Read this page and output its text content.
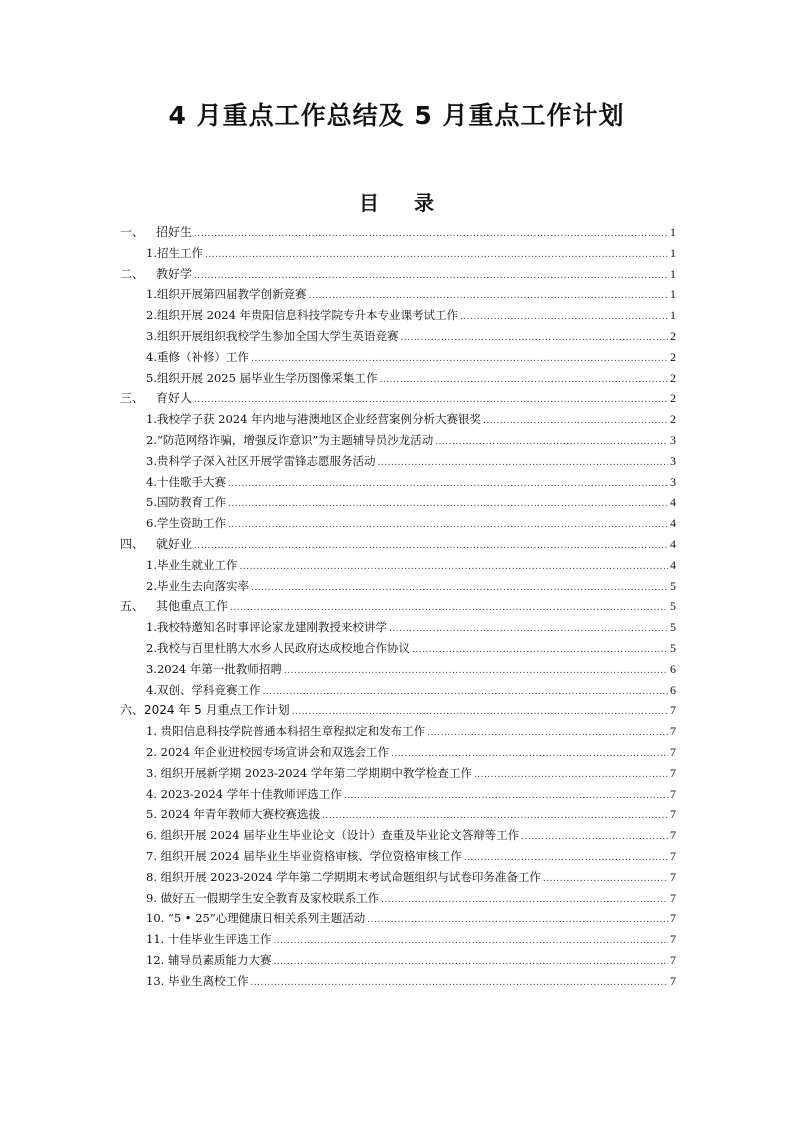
4 月重点工作总结及 5 月重点工作计划
目 录
一、 招好生 .....	1
1.招生工作 .....	1
二、 教好学 .....	1
1.组织开展第四届教学创新竞赛 .....	1
2.组织开展 2024 年贵阳信息科技学院专升本专业课考试工作 .....	1
3.组织开展组织我校学生参加全国大学生英语竞赛 .....	2
4.重修（补修）工作 .....	2
5.组织开展 2025 届毕业生学历图像采集工作 .....	2
三、 育好人 .....	2
1.我校学子获 2024 年内地与港澳地区企业经营案例分析大赛银奖 .....	2
2.“防范网络诈骗，增强反诈意识”为主题辅导员沙龙活动 .....	3
3.贵科学子深入社区开展学雷锋志愿服务活动 .....	3
4.十佳歌手大赛 .....	3
5.国防教育工作 .....	4
6.学生资助工作 .....	4
四、 就好业 .....	4
1.毕业生就业工作 .....	4
2.毕业生去向落实率 .....	5
五、 其他重点工作 .....	5
1.我校特邀知名时事评论家龙建刚教授来校讲学 .....	5
2.我校与百里杜鹃大水乡人民政府达成校地合作协议 .....	5
3.2024 年第一批教师招聘 .....	6
4.双创、学科竞赛工作 .....	6
六、 2024 年 5 月重点工作计划 .....	7
1. 贵阳信息科技学院普通本科招生章程拟定和发布工作 .....	7
2. 2024 年企业进校园专场宣讲会和双选会工作 .....	7
3. 组织开展新学期 2023-2024 学年第二学期期中教学检查工作 .....	7
4. 2023-2024 学年十佳教师评选工作 .....	7
5. 2024 年青年教师大赛校赛选拔 .....	7
6. 组织开展 2024 届毕业生毕业论文（设计）查重及毕业论文答辩等工作 .....	7
7. 组织开展 2024 届毕业生毕业资格审核、学位资格审核工作 .....	7
8. 组织开展 2023-2024 学年第二学期期末考试命题组织与试卷印务准备工作 .....	7
9. 做好五一假期学生安全教育及家校联系工作 .....	7
10. “5 • 25”心理健康日相关系列主题活动 .....	7
11. 十佳毕业生评选工作 .....	7
12. 辅导员素质能力大赛 .....	7
13. 毕业生离校工作 .....	7
